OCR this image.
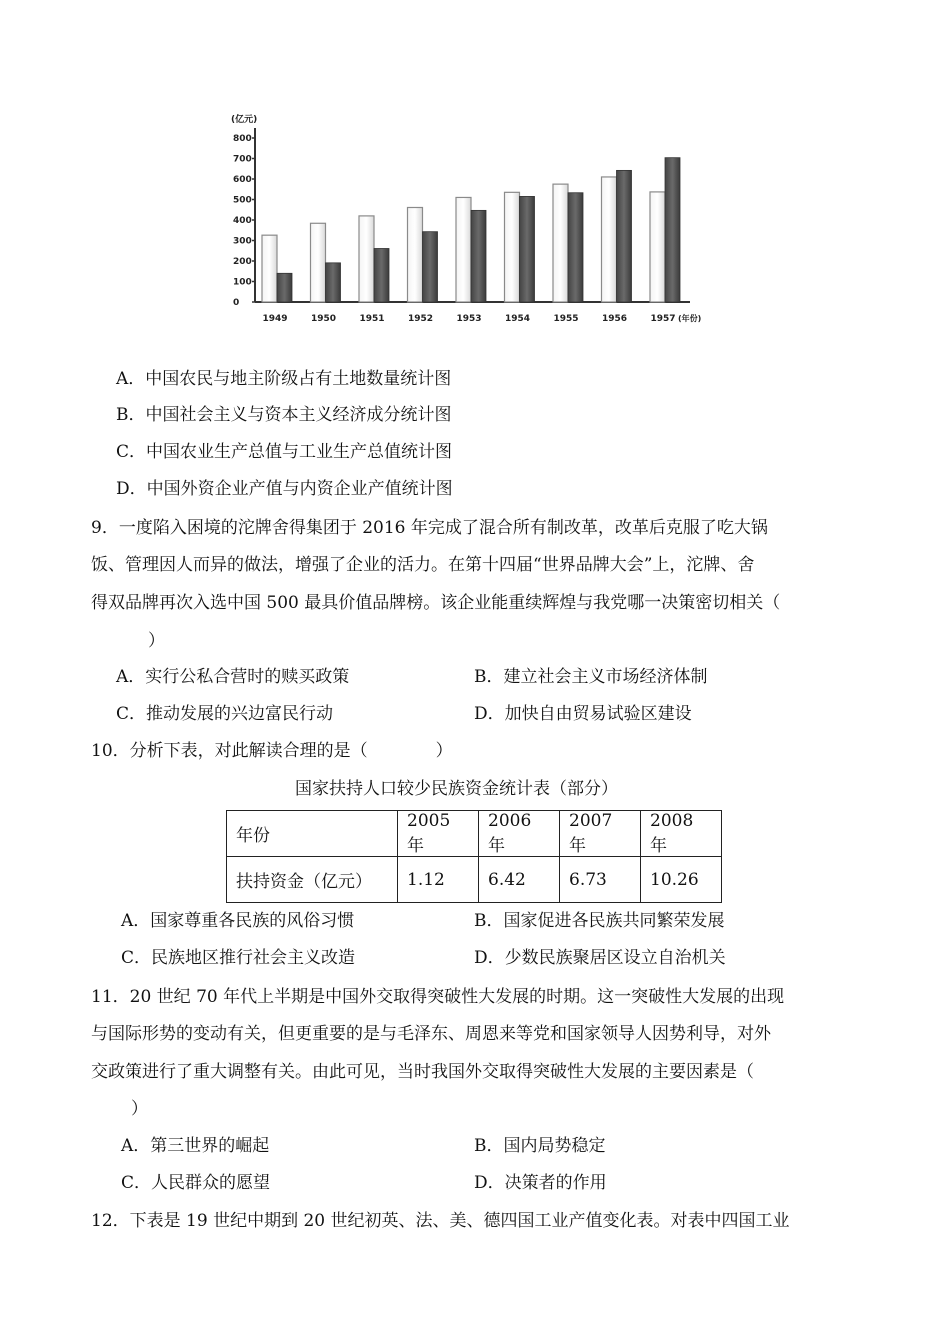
(亿元)
800
700
600
500
400
300
200
100
0
1949	1950	1951	1952	1953	1954	1955	1956	1957 (年份)
A．中国农民与地主阶级占有土地数量统计图
B．中国社会主义与资本主义经济成分统计图
C．中国农业生产总值与工业生产总值统计图
D．中国外资企业产值与内资企业产值统计图
9．一度陷入困境的沱牌舍得集团于 2016 年完成了混合所有制改革，改革后克服了吃大锅
饭、管理因人而异的做法，增强了企业的活力。在第十四届“世界品牌大会”上，沱牌、舍
得双品牌再次入选中国 500 最具价值品牌榜。该企业能重续辉煌与我党哪一决策密切相关（
）
A．实行公私合营时的赎买政策	B．建立社会主义市场经济体制
C．推动发展的兴边富民行动	D．加快自由贸易试验区建设
10．分析下表，对此解读合理的是（　　　　）
国家扶持人口较少民族资金统计表（部分）
年份	2005 年	2006 年	2007 年	2008 年
扶持资金（亿元）	1.12	6.42	6.73	10.26
A．国家尊重各民族的风俗习惯	B．国家促进各民族共同繁荣发展
C．民族地区推行社会主义改造	D．少数民族聚居区设立自治机关
11．20 世纪 70 年代上半期是中国外交取得突破性大发展的时期。这一突破性大发展的出现
与国际形势的变动有关，但更重要的是与毛泽东、周恩来等党和国家领导人因势利导，对外
交政策进行了重大调整有关。由此可见，当时我国外交取得突破性大发展的主要因素是（
）
A．第三世界的崛起	B．国内局势稳定
C．人民群众的愿望	D．决策者的作用
12．下表是 19 世纪中期到 20 世纪初英、法、美、德四国工业产值变化表。对表中四国工业
